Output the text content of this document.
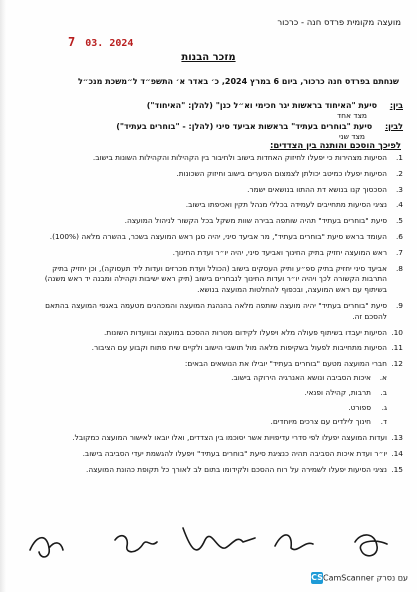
מועצה מקומית פרדס חנה - כרכור
7 03. 2024
מזכר הבנות
שנחתם בפרדס חנה כרכור, ביום 6 במרץ 2024, כ׳ באדר א׳ התשפ״ד ל״משכת מנכ״ל
בין: סיעת "האיחוד בראשות יגר חכימי וא״ל כנן" (להלן: "האיחוד")
מצד אחד
לבין: סיעת "בוחרים בעתיד" בראשות אביעד סיני (להלן: - "בוחרים בעתיד")
מצד שני
לפיכך הוסכם והותנה בין הצדדים:
1.
הסיעות מצהירות כי יפעלו לחיזוק האחדות בישוב ולחיבור בין הקהילות והקהילות השונות בישוב.
2.
הסיעות יפעלו כמיטב יכולתן לצמצום הפערים בישוב וחיזוק השכונות.
3.
הסכסוך קנו בנושא דת ההתוו בנושאים ישמר.
4.
נציגי הסיעות מתחייבים לעמידה בכללי מנהל תקין ואכיפתו בישוב.
5.
סיעת "בוחרים בעתיד" תהיה שותפה בבירה שוות משקל בכל הקשור לניהול המועצה.
6.
העומד בראש סיעת "בוחרים בעתיד", מר אביעד סיני, יהיה סגן ראש המועצה בשכר, בהשרה מלאה (100%).
7.
ראש המועצה יחזיק בתיק החינוך ואביעד סיני, יהיה יו״ר ועדת החינוך.
8.
אביעד סיני יחזיק בתיק ספ״ע ותיק העסקים בישוב (הכולל ועדת מכרזים ועדות ליד תעסוקה), וכן יחזיק בתיק התרבות הקשורה לכך ויהיה יו״ר ועדות החינוך לנבחרים בישוב (תיק ראש ישיבות וקהילה ומבנה יד ראש משנה) בשיתוף עם ראש המועצה, ובכפוף להחלטות המועצה בנושא.
9.
סיעת "בוחרים בעתיד" יהיה מועצה שותפה מלאה בהנהגת המועצה והמכהנים מטעמה באגפי המועצה בהתאם להסכם זה.
10.
הסיעות יעבדו בשיתוף פעולה מלא ויפעלו לקידום מטרות ההסכם במועצה ובוועדות השונות.
11.
הסיעות מתחייבות לפעול בשקיפות מלאה מול תושבי הישוב ולקיים שיח פתוח וקבוע עם הציבור.
12.
חברי המועצה מטעם "בוחרים בעתיד" יובילו את הנושאים הבאים:
א.
איכות הסביבה ונושא האנרגיה הירוקה בישוב.
ב.
תרבות, קהילה ופנאי.
ג.
ספורט.
ד.
חינוך לילדים עם צרכים מיוחדים.
13.
ועדות המועצה יפעלו לפי סדרי עדיפויות אשר יסוכמו בין הצדדים, ואלו יובאו לאישור המועצה כמקובל.
14.
יו״ר ועדת איכות הסביבה תהיה כנציגת סיעת "בוחרים בעתיד" ויפעלו להגשמת יעדי הסביבה בישוב.
15.
נציגי הסיעות יפעלו לשמירה על רוח ההסכם ולקידומו בתום לב לאורך כל תקופת כהונת המועצה.
CSCamScanner עם נסרק
